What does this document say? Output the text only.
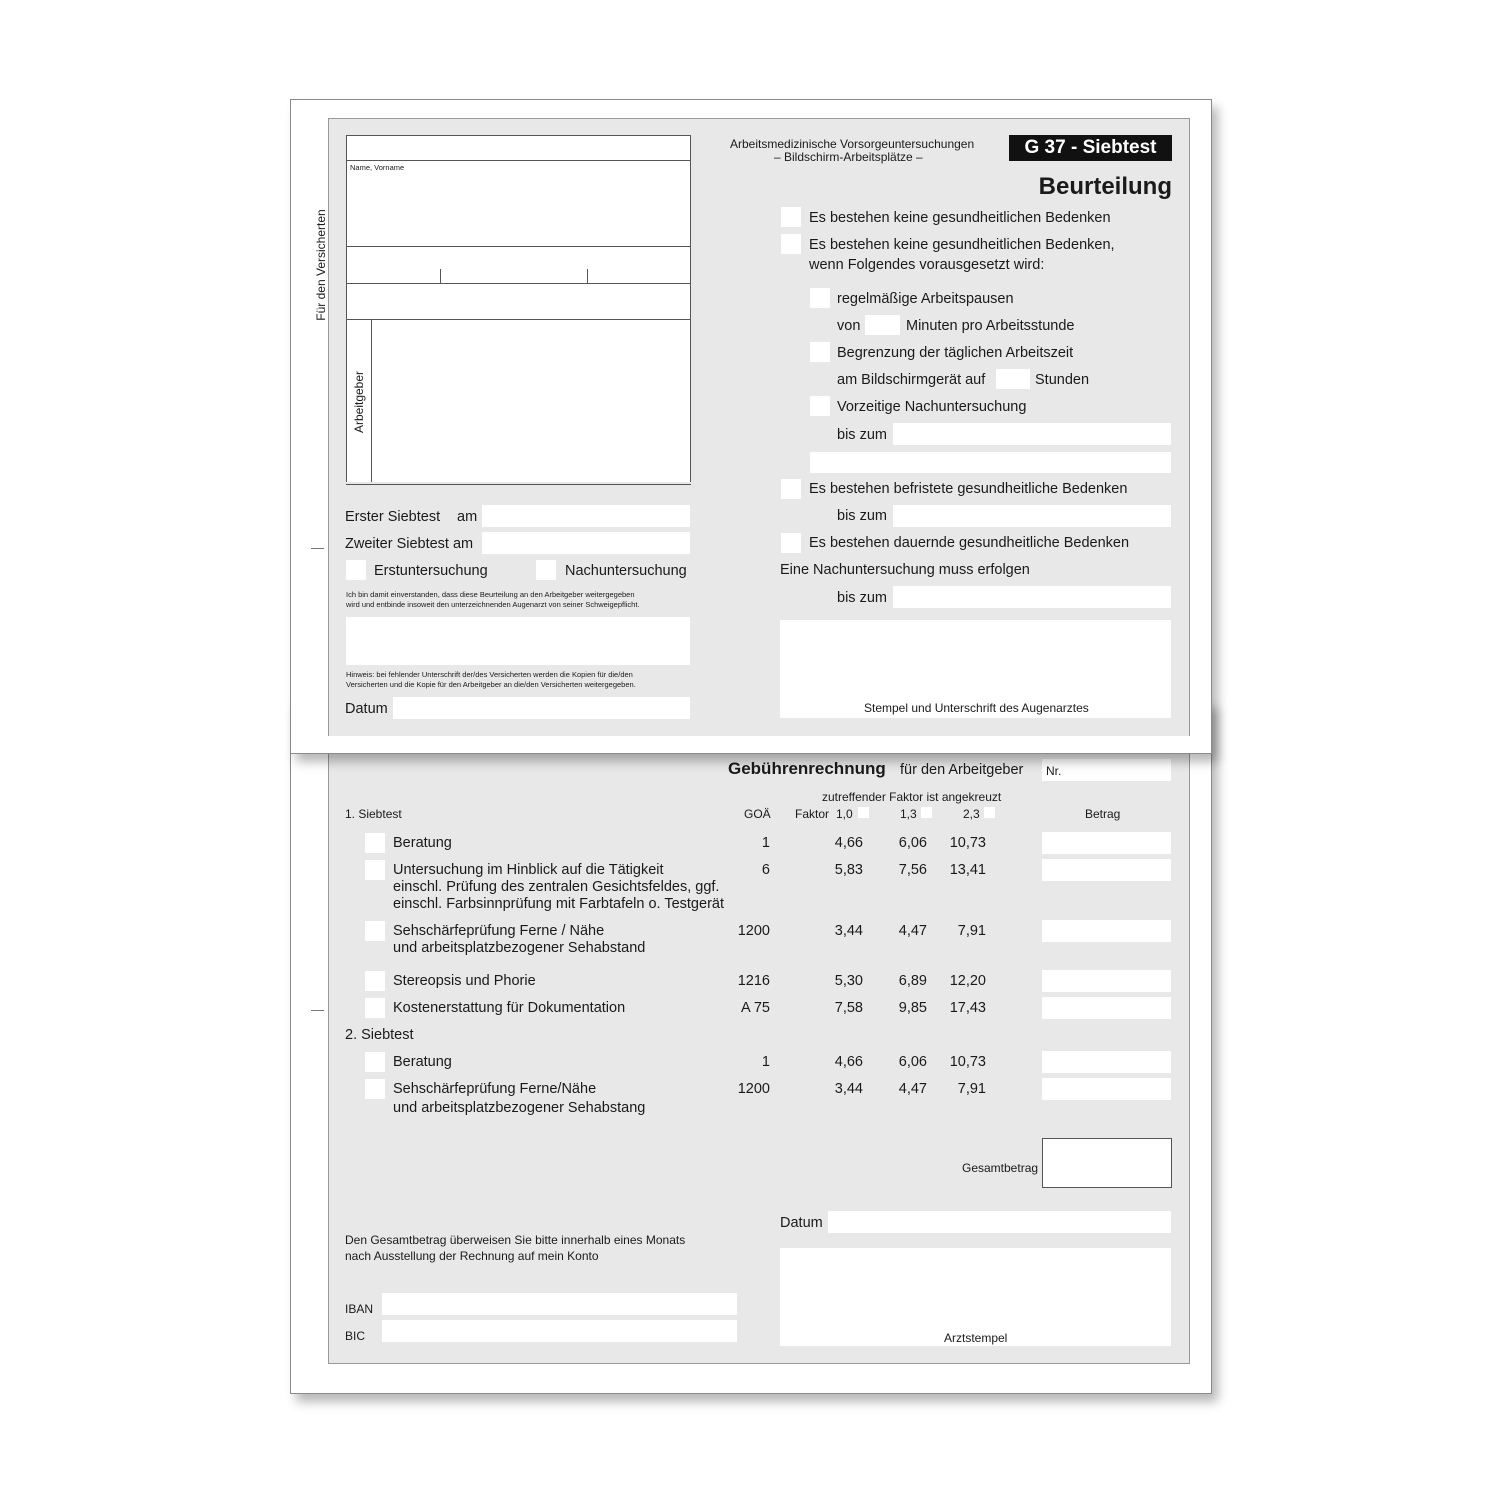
Gebührenrechnung für den Arbeitgeber Nr.
zutreffender Faktor ist angekreuzt
1. Siebtest	GOÄ Faktor 1,0	1,3	2,3	Betrag
Beratung	1	4,66	6,06	10,73
Untersuchung im Hinblick auf die Tätigkeit
einschl. Prüfung des zentralen Gesichtsfeldes, ggf.
einschl. Farbsinnprüfung mit Farbtafeln o. Testgerät
6	5,83	7,56	13,41
Sehschärfeprüfung Ferne / Nähe
und arbeitsplatzbezogener Sehabstand
1200	3,44	4,47	7,91
Stereopsis und Phorie	1216	5,30	6,89	12,20
Kostenerstattung für Dokumentation	A 75	7,58	9,85	17,43
2. Siebtest
Beratung	1	4,66	6,06	10,73
Sehschärfeprüfung Ferne/Nähe
und arbeitsplatzbezogener Sehabstang
1200	3,44	4,47	7,91
Gesamtbetrag
Datum
Den Gesamtbetrag überweisen Sie bitte innerhalb eines Monats
nach Ausstellung der Rechnung auf mein Konto
IBAN
BIC	Arztstempel
Für den Versicherten
Name, Vorname
Arbeitgeber
Erster Siebtest am
Zweiter Siebtest am
Erstuntersuchung	Nachuntersuchung
Ich bin damit einverstanden, dass diese Beurteilung an den Arbeitgeber weitergegeben
wird und entbinde insoweit den unterzeichnenden Augenarzt von seiner Schweigepflicht.
Hinweis: bei fehlender Unterschrift der/des Versicherten werden die Kopien für die/den
Versicherten und die Kopie für den Arbeitgeber an die/den Versicherten weitergegeben.
Datum
Arbeitsmedizinische Vorsorgeuntersuchungen
– Bildschirm-Arbeitsplätze –	G 37 - Siebtest
Beurteilung
Es bestehen keine gesundheitlichen Bedenken
Es bestehen keine gesundheitlichen Bedenken,
wenn Folgendes vorausgesetzt wird:
regelmäßige Arbeitspausen
von	Minuten pro Arbeitsstunde
Begrenzung der täglichen Arbeitszeit
am Bildschirmgerät auf	Stunden
Vorzeitige Nachuntersuchung
bis zum
Es bestehen befristete gesundheitliche Bedenken
bis zum
Es bestehen dauernde gesundheitliche Bedenken
Eine Nachuntersuchung muss erfolgen
bis zum
Stempel und Unterschrift des Augenarztes
